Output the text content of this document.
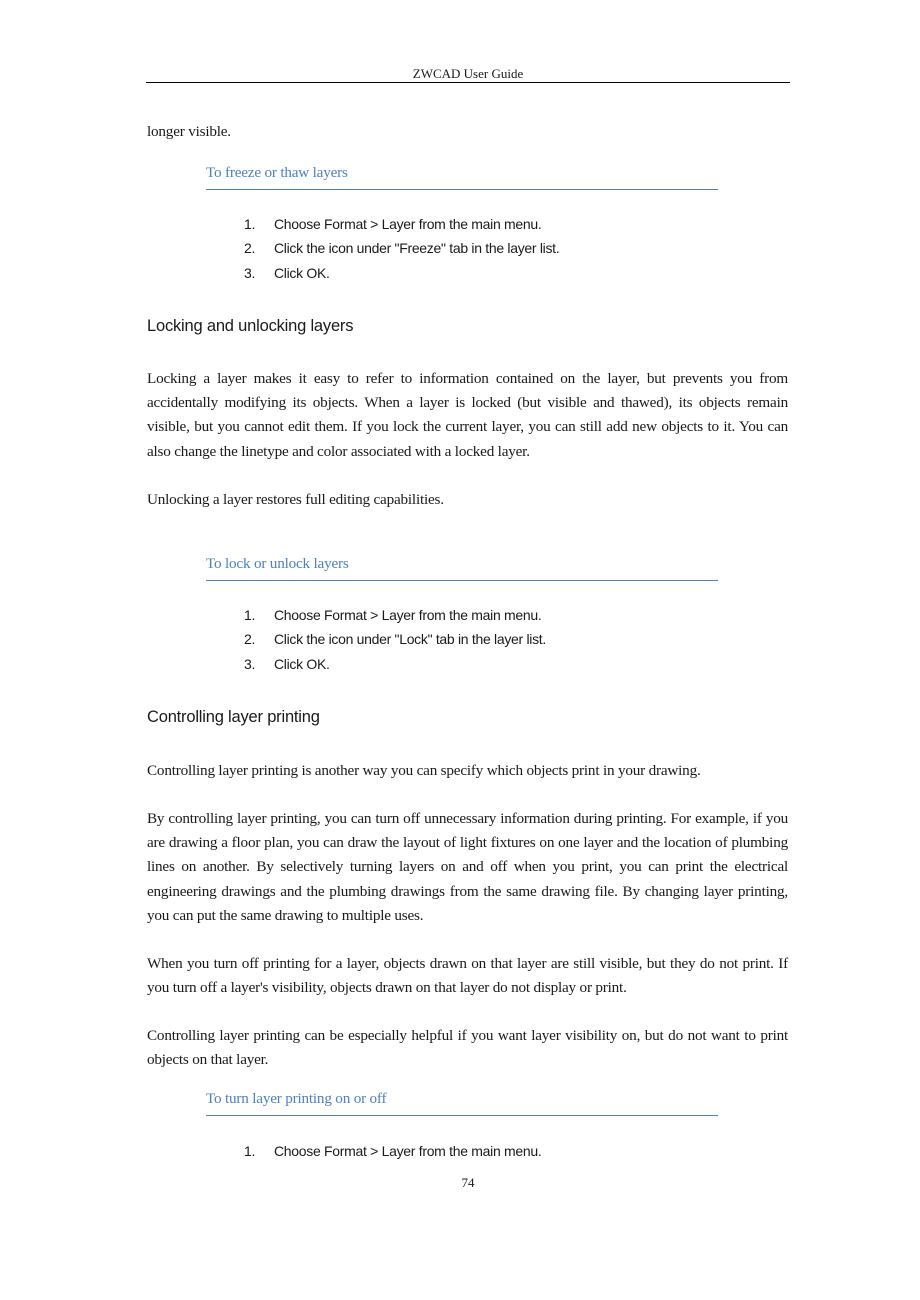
ZWCAD User Guide

longer visible.

To freeze or thaw layers
1.	Choose Format > Layer from the main menu.
2.	Click the icon under "Freeze" tab in the layer list.
3.	Click OK.
Locking and unlocking layers

Locking a layer makes it easy to refer to information contained on the layer, but prevents you from accidentally modifying its objects. When a layer is locked (but visible and thawed), its objects remain visible, but you cannot edit them. If you lock the current layer, you can still add new objects to it. You can also change the linetype and color associated with a locked layer.

Unlocking a layer restores full editing capabilities.

To lock or unlock layers
1.	Choose Format > Layer from the main menu.
2.	Click the icon under "Lock" tab in the layer list.
3.	Click OK.
Controlling layer printing

Controlling layer printing is another way you can specify which objects print in your drawing.

By controlling layer printing, you can turn off unnecessary information during printing. For example, if you are drawing a floor plan, you can draw the layout of light fixtures on one layer and the location of plumbing lines on another. By selectively turning layers on and off when you print, you can print the electrical engineering drawings and the plumbing drawings from the same drawing file. By changing layer printing, you can put the same drawing to multiple uses.

When you turn off printing for a layer, objects drawn on that layer are still visible, but they do not print. If you turn off a layer's visibility, objects drawn on that layer do not display or print.

Controlling layer printing can be especially helpful if you want layer visibility on, but do not want to print objects on that layer.

To turn layer printing on or off
1.	Choose Format > Layer from the main menu.
74
